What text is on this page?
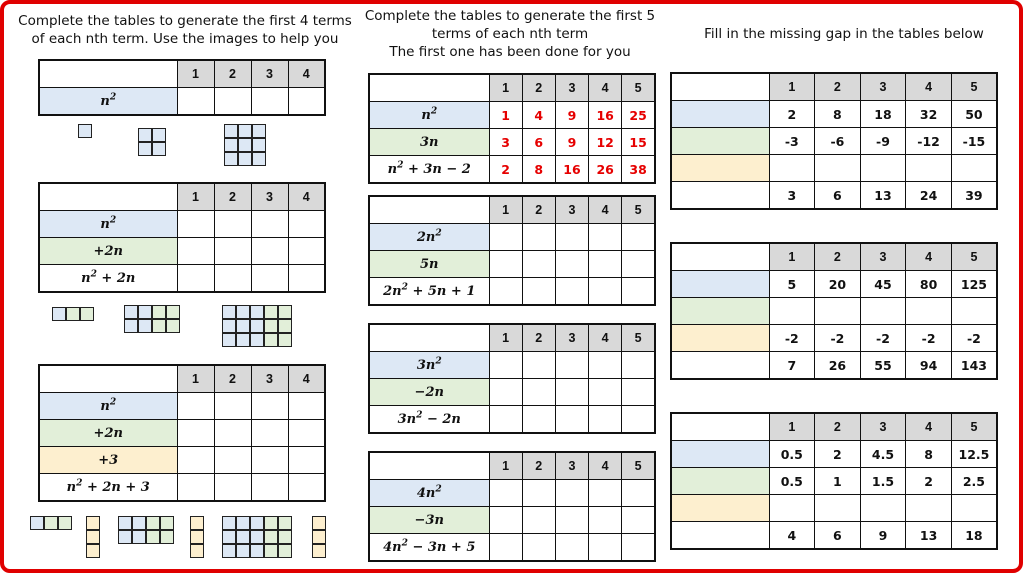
Complete the tables to generate the first 4 terms
of each nth term. Use the images to help you
	1	2	3	4
$n^2$				
	1	2	3	4
$n^2$				
+2n				
$n^2 + 2n$				
	1	2	3	4
$n^2$				
+2n				
+3				
$n^2 + 2n + 3$				
Complete the tables to generate the first 5
terms of each nth term
The first one has been done for you
	1	2	3	4	5
$n^2$	1	4	9	16	25
3n	3	6	9	12	15
$n^2 + 3n - 2$	2	8	16	26	38
	1	2	3	4	5
$2n^2$					
5n					
$2n^2 + 5n + 1$					
	1	2	3	4	5
$3n^2$					
−2n					
$3n^2 - 2n$					
	1	2	3	4	5
$4n^2$					
−3n					
$4n^2 - 3n + 5$					
Fill in the missing gap in the tables below
	1	2	3	4	5
	2	8	18	32	50
	-3	-6	-9	-12	-15

	3	6	13	24	39
	1	2	3	4	5
	5	20	45	80	125

	-2	-2	-2	-2	-2
	7	26	55	94	143
	1	2	3	4	5
	0.5	2	4.5	8	12.5
	0.5	1	1.5	2	2.5

	4	6	9	13	18
